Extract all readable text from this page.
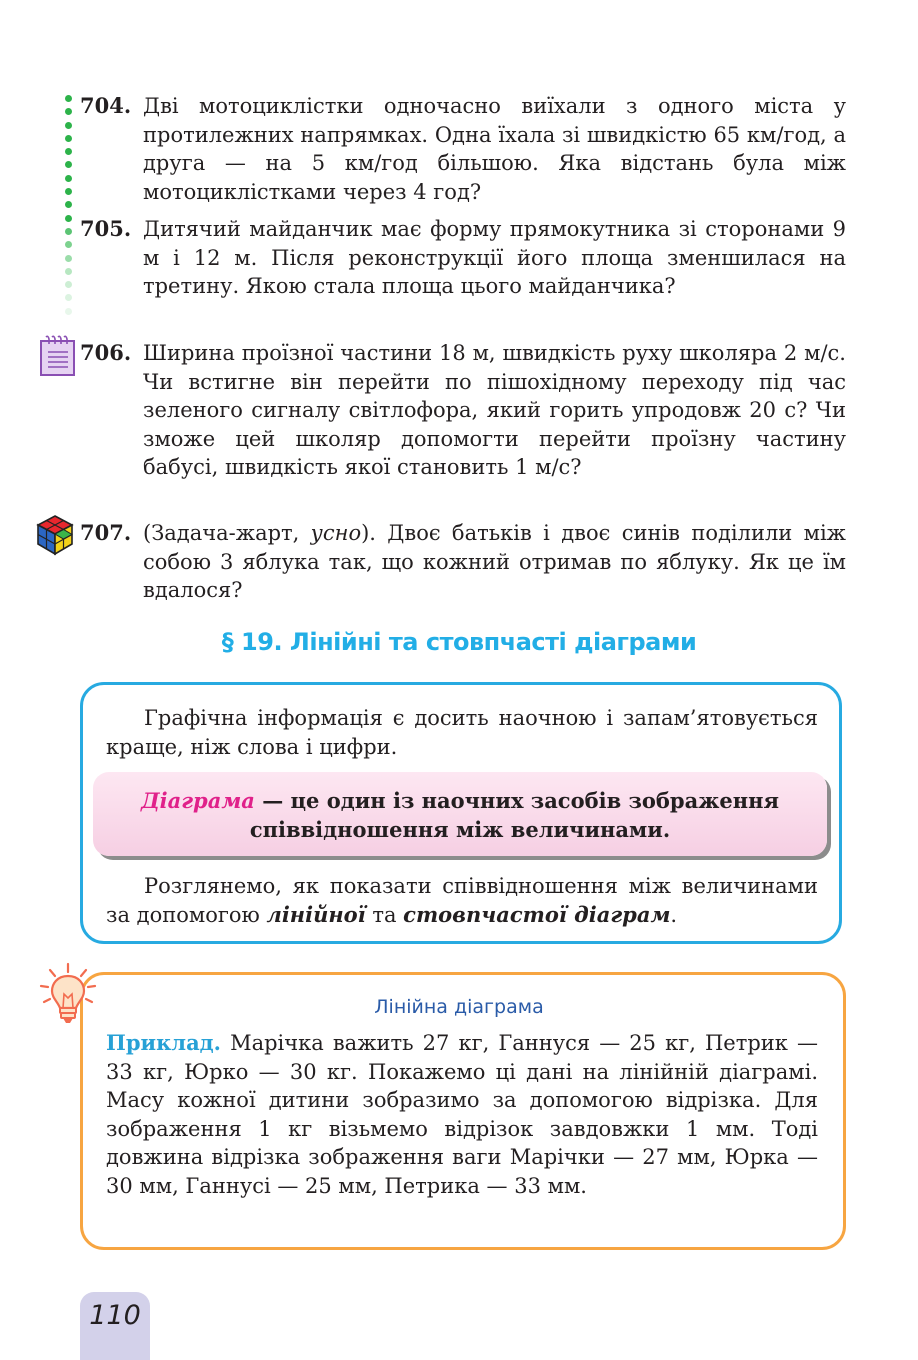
704. Дві мотоциклістки одночасно виїхали з одного міста у протилежних напрямках. Одна їхала зі швидкістю 65 км/год, а друга — на 5 км/год більшою. Яка відстань була між мотоциклістками через 4 год?
705. Дитячий майданчик має форму прямокутника зі сторонами 9 м і 12 м. Після реконструкції його площа зменшилася на третину. Якою стала площа цього майданчика?
706. Ширина проїзної частини 18 м, швидкість руху школяра 2 м/с. Чи встигне він перейти по пішохідному переходу під час зеленого сигналу світлофора, який горить упродовж 20 с? Чи зможе цей школяр допомогти перейти проїзну частину бабусі, швидкість якої становить 1 м/с?
707. (Задача-жарт, усно). Двоє батьків і двоє синів поділили між собою 3 яблука так, що кожний отримав по яблуку. Як це їм вдалося?
§ 19. Лінійні та стовпчасті діаграми
Графічна інформація є досить наочною і запам’ятовується краще, ніж слова і цифри.
Діаграма — це один із наочних засобів зображення співвідношення між величинами.
Розглянемо, як показати співвідношення між величинами за допомогою лінійної та стовпчастої діаграм.
Лінійна діаграма
Приклад. Марічка важить 27 кг, Ганнуся — 25 кг, Петрик — 33 кг, Юрко — 30 кг. Покажемо ці дані на лінійній діаграмі. Масу кожної дитини зобразимо за допомогою відрізка. Для зображення 1 кг візьмемо відрізок завдовжки 1 мм. Тоді довжина відрізка зображення ваги Марічки — 27 мм, Юрка — 30 мм, Ганнусі — 25 мм, Петрика — 33 мм.
110
